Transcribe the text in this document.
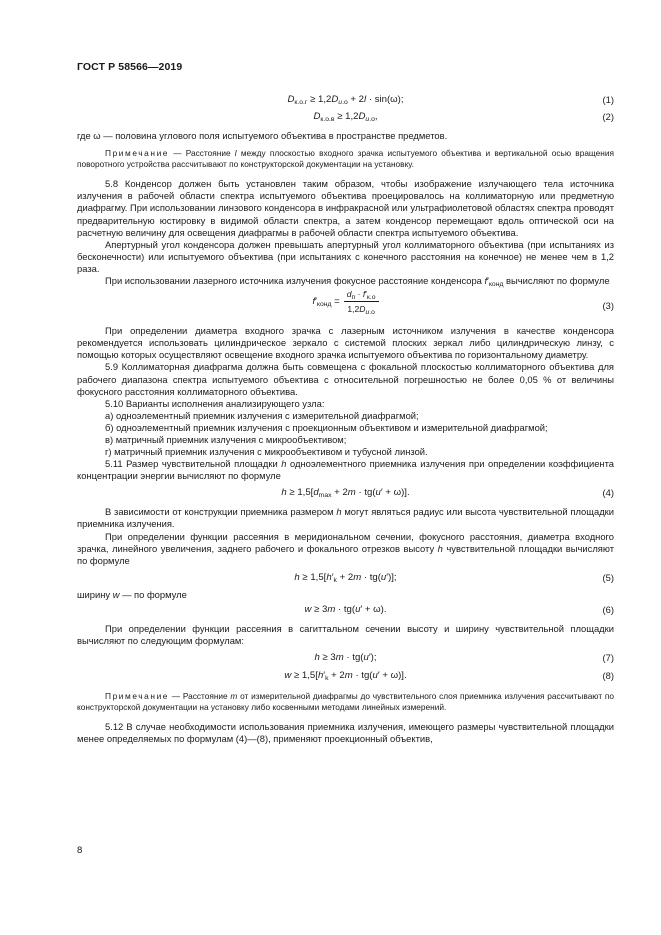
ГОСТ Р 58566—2019
$D_{к.о.г} \ge 1,2D_{и.о} + 2l \cdot \sin(\omega)$;	(1)
$D_{к.о.в} \ge 1,2D_{и.о}$,	(2)

где ω — половина углового поля испытуемого объектива в пространстве предметов.

Примечание — Расстояние l между плоскостью входного зрачка испытуемого объектива и вертикальной осью вращения поворотного устройства рассчитывают по конструкторской документации на установку.

5.8 Конденсор должен быть установлен таким образом, чтобы изображение излучающего тела источника излучения в рабочей области спектра испытуемого объектива проецировалось на коллиматорную или предметную диафрагму. При использовании линзового конденсора в инфракрасной или ультрафиолетовой областях спектра проводят предварительную юстировку в видимой области спектра, а затем конденсор перемещают вдоль оптической оси на расчетную величину для освещения диафрагмы в рабочей области спектра испытуемого объектива.

Апертурный угол конденсора должен превышать апертурный угол коллиматорного объектива (при испытаниях из бесконечности) или испытуемого объектива (при испытаниях с конечного расстояния на конечное) не менее чем в 1,2 раза.

При использовании лазерного источника излучения фокусное расстояние конденсора $f'_{конд}$ вычисляют по формуле

$f'_{конд} = \frac{d_п \cdot f'_{к.о}}{1,2D_{и.о}}$	(3)

При определении диаметра входного зрачка с лазерным источником излучения в качестве конденсора рекомендуется использовать цилиндрическое зеркало с системой плоских зеркал либо цилиндрическую линзу, с помощью которых осуществляют освещение входного зрачка испытуемого объектива по горизонтальному диаметру.

5.9 Коллиматорная диафрагма должна быть совмещена с фокальной плоскостью коллиматорного объектива для рабочего диапазона спектра испытуемого объектива с относительной погрешностью не более 0,05 % от величины фокусного расстояния коллиматорного объектива.

5.10 Варианты исполнения анализирующего узла:

а) одноэлементный приемник излучения с измерительной диафрагмой;

б) одноэлементный приемник излучения с проекционным объективом и измерительной диафрагмой;

в) матричный приемник излучения с микрообъективом;

г) матричный приемник излучения с микрообъективом и тубусной линзой.

5.11 Размер чувствительной площадки h одноэлементного приемника излучения при определении коэффициента концентрации энергии вычисляют по формуле

$h \ge 1,5[d_{max} + 2m \cdot tg(u' + \omega)]$.	(4)

В зависимости от конструкции приемника размером h могут являться радиус или высота чувствительной площадки приемника излучения.

При определении функции рассеяния в меридиональном сечении, фокусного расстояния, диаметра входного зрачка, линейного увеличения, заднего рабочего и фокального отрезков высоту h чувствительной площадки вычисляют по формуле

$h \ge 1,5[h'_k + 2m \cdot tg(u')]$;	(5)

ширину w — по формуле

w ≥ 3m · tg(u′ + ω).	(6)

При определении функции рассеяния в сагиттальном сечении высоту и ширину чувствительной площадки вычисляют по следующим формулам:

h ≥ 3m · tg(u′);	(7)
$w \ge 1,5[h'_k + 2m \cdot tg(u' + \omega)]$.	(8)

Примечание — Расстояние m от измерительной диафрагмы до чувствительного слоя приемника излучения рассчитывают по конструкторской документации на установку либо косвенными методами линейных измерений.

5.12 В случае необходимости использования приемника излучения, имеющего размеры чувствительной площадки менее определяемых по формулам (4)—(8), применяют проекционный объектив,

8
